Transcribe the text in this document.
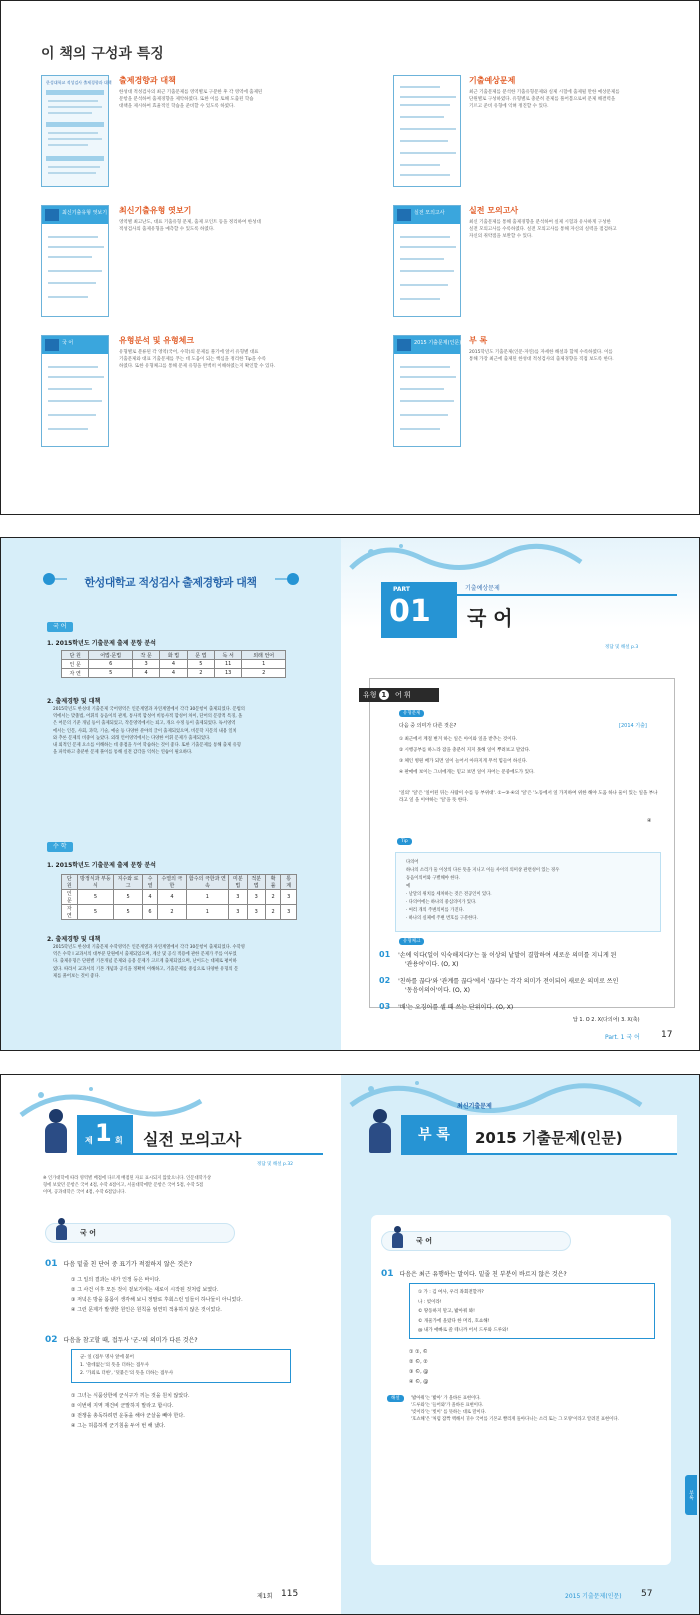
이 책의 구성과 특징
한성대학교 적성검사 출제경향과 대책 출제경향과 대책
한성대 적성검사의 최근 기출문제를 영역별로 구분한 후 각 영역에 출제된
문항을 분석하여 출제경향을 제악하였다. 또한 이를 토해 도출된 학습
대책을 제시하여 효율적인 학습을 준비할 수 있도록 하였다.
기출예상문제
최근 기출문제를 분석한 기출유형문제와 실제 시험에 출제될 만한 예상문제를
단원별로 구성하였다. 유형별로 충분히 문제를 풀어봄으로써 문제 해결력을
기르고 준비 유형에 익혀 정진할 수 있다.
최신기출유형 엿보기 최신기출유형 엿보기
영역별 최고난도, 대표 기출유형 문제, 출제 포인트 등을 정리하여 한성대
적성검사의 출제유형을 예측할 수 있도록 하였다.
실전 모의고사	실전 모의고사
최신 기출문제를 통해 출제경향을 분석하여 실제 시험과 유사하게 구성한
실전 모의고사를 수록하였다. 실전 모의고사를 통해 자신의 실력을 점검하고
자신의 취약점을 보완할 수 있다.
국 어	유형분석 및 유형체크
유형별로 분류된 각 영역(국어, 수학)의 문제를 풀기에 앞서 유형별 대표
기출문제와 대표 기출문제를 푸는 데 도움이 되는 핵심을 정리한 Tip을 수록
하였다. 또한 유형체크를 통해 문제 유형을 완벽히 이해하였는지 확인할 수 있다.
2015 기출문제(인문) 부 록
2015학년도 기출문제(인문·자연)를 자세한 해설과 함께 수록하였다. 이를
통해 가장 최근에 출제된 한성대 적성검사의 출제경향을 직접 보도록 한다.
한성대학교 적성검사 출제경향과 대책
국 어
1. 2015학년도 기출문제 출제 문항 분석
단 원	어법·문법	작 문	화 법	문 법	독 서	외래 언어
인 문	6	3	4	5	11	1
자 연	5	4	4	2	13	2
2. 출제경향 및 대책
2015학년도 한성대 기출문제 국어영역은 인문계열과 자연계열에서 각각 30문항이 출제되었다. 문법의
역에서는 맞춤법, 어휘의 동음이의 관계, 통사적 합성어 비통사적 합성어 차이, 단어의 문장적 특징, 올
은 어문의 기준 개념 등이 출제되었고, 작문영역에서는 퇴고, 개요 수정 등이 출제되었다. 독서영역
에서는 인문, 사회, 과학, 기술, 예술 등 다양한 분야의 글이 출제되었으며, 비문학 지문의 내용 일치
와 추론 문제의 비중이 높았다. 외래 언어영역에서는 다양한 어휘 문제가 출제되었다.
내 외적인 문제 요소를 이해하는 데 중점을 두어 학습하는 것이 좋다. 또한 기출문제를 통해 출제 유형
을 파악하고 충분한 문제 풀이를 통해 실전 감각을 익히는 연습이 필요하다.
수 학
1. 2015학년도 기출문제 출제 문항 분석
단 원	방정식과 부등식	지수와 로그	수 열	수열의 극한	함수의 극한과 연속	미분법	적분법	확 률	통 계
인 문	5	5	4	4	1	3	3	2	3
자 연	5	5	6	2	1	3	3	2	3
2. 출제경향 및 대책
2015학년도 한성대 기출문제 수학영역은 인문계열과 자연계열에서 각각 30문항이 출제되었다. 수학영
역은 수학 I 교과서의 대부분 단원에서 출제되었으며, 계산 및 공식 적용에 관한 문제가 주를 이루었
다. 출제유형은 단원별 기본개념 문제와 응용 문제가 고르게 출제되었으며, 난이도는 대체로 평이하
였다. 따라서 교과서의 기본 개념과 공식을 정확히 이해하고, 기출문제를 중심으로 다양한 유형의 문
제를 풀어보는 것이 좋다.
PART
01
기출예상문제
국 어
정답 및 해설 p.3
유형 1 어 휘
유형문제
다음 중 의미가 다른 것은?	[2014 기출]
① 최근에서 계절 변겨 하는 일은 아이와 일을 받추는 것이다.
② 시행공부를 하느라 잠을 충분히 지지 못해 일이 뿌려보고 말았다.
③ 체인 병원 배가 되면 일이 늘어서 아파지게 무척 힘들어 하신다.
④ 판매에 보이는 그녀에게는 믿고 보면 일이 자어는 문중에도가 있다.
'일의' '일'은 '일어된 뒤는 사람이 수를 등 부위대'. ①~③·④의 '일'은 '노동에서 일 가지하여 위한 해야 도움 하나 둘이 있는 일을 부나라고 일 을 이야하는 '일'을 뜻 한다.
④
Tip
다의어
하나의 소리가 둘 이상의 다른 뜻을 지니고 이들 사이의 의미상 관련성이 있는 경우
동음이의어와 구별해야 한다.
예
· 날달의 위치를 세차하는 것은 전공인이 있다.
· 다의어에는 하나의 중심의미가 있다.
· 여러 개의 주변의미를 가진다.
· 하나의 실체에 주변 번호를 구분한다.
유형체크
01 '손에 익다(일이 익숙해지다)'는 둘 이상의 낱말이 결합하여 새로운 의미를 지니게 된
'관용어'이다. (O, X)
02 '친하를 끊다'와 '관계를 끊다'에서 '끊다'는 각각 의미가 전이되어 새로운 의미로 쓰인
'동음이의어'이다. (O, X)
03 '배'는 오징어를 셀 때 쓰는 단위이다. (O, X)
답 1. O 2. X(다의어) 3. X(축)
Part. 1 국 어 17
제 1 회 실전 모의고사
정답 및 해설 p.32
※ 인가대학에 따라 영역별 배점에 다르게 배점된 자료 표시되지 않았으니다. 인문대학가상
형에 보았던 문항은 국어 4점, 수학 4점이고, 서울대학에만 문항은 국어 5점, 수학 5점
이며, 공과대학은 국어 4점, 수학 6점입니다.
국 어
01 다음 밑줄 친 단어 중 표기가 적절하지 않은 것은?
① 그 일의 결과는 내가 인정 등은 바이다.
② 그 사건 이후 모든 것이 겉보기에는 새로이 시작된 것처럼 보였다.
③ 저녁은 방을 몸몸이 생각해 보니 정말로 후회스런 일들이 하나둘이 아니었다.
④ 그런 문제가 발생한 원인은 원칙을 엄연히 적용하지 않은 것이었다.
02 다음을 참고할 때, 접두사 '군-'의 의미가 다른 것은?
군- 일 (접두 명사 앞에 붙어
1. '쓸데없는'의 뜻을 더하는 접두사
2. '가외로 더한', '덧붙은'의 뜻을 더하는 접두사
① 그녀는 식품상한에 군식구가 끼는 것을 원치 않았다.
② 이번에 지역 재건비 군말하지 말라고 합시다.
③ 전쟁을 총독하려면 운동을 해야 군살을 빼야 한다.
④ 그는 허름하게 군기침을 두어 번 해 냈다.
제1회 115
최신기출문제
부 록	2015 기출문제(인문)
국 어
01 다음은 최근 유행하는 말이다. 밑줄 친 부분이 바르지 않은 것은?
① 가 : 김 여사, 우리 좌회전할까?
나 : 빚이라!
© 땅동하지 말고, 밟아줘 봐!
© 개울가에 올랐다 한 머리, 호쇼해!
@ 내가 애빠로 쓸 테니까 어서 드루와 드루와!
① ①, ©
② ©, ②
③ ©, @
④ ©, @
해설	'밟아줘'는 '밟아' 가 올바른 표현이다.
'드루와'는 '들어와'가 올바른 표현이다.
'빚이라'는 '빗이' 를 뜻하는 대로 말이다.
'호쇼해'은 '처럼 잠짝 맥해서 귀수 국어를 기본교 빨리게 돌아다니는 소리 또는 그 모양'이라고 알려진 표현이다.
부록
2015 기출문제(인문) 57
